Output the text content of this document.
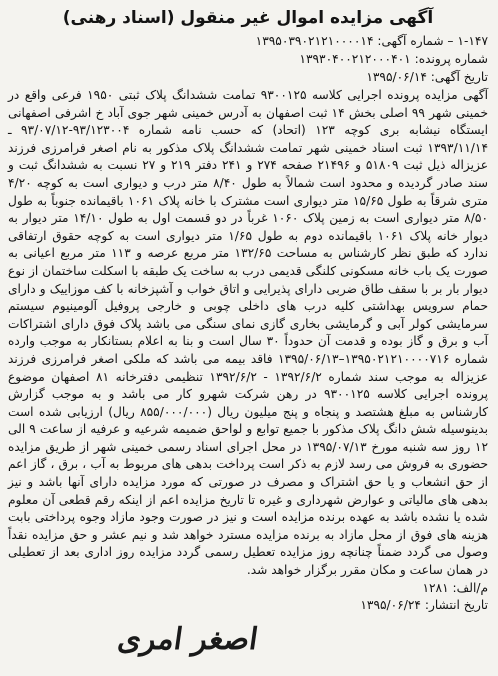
آگهی مزایده اموال غیر منقول (اسناد رهنی)
۱-۱۴۷ – شماره آگهی: ۱۳۹۵۰۳۹۰۲۱۲۱۰۰۰۰۱۴
شماره پرونده: ۱۳۹۳۰۴۰۰۲۱۲۰۰۰۴۰۱
تاریخ آگهی: ۱۳۹۵/۰۶/۱۴
آگهی مزایده پرونده اجرایی کلاسه ۹۳۰۰۱۲۵ تمامت ششدانگ پلاک ثبتی ۱۹۵۰ فرعی واقع در خمینی شهر ۹۹ اصلی بخش ۱۴ ثبت اصفهان به آدرس خمینی شهر جوی آباد خ اشرفی اصفهانی ایستگاه نیشابه بری کوچه ۱۲۳ (اتحاد) که حسب نامه شماره ۹۳/۱۲۳۰۰۴-۹۳/۰۷/۱۲ ـ ۱۳۹۳/۱۱/۱۴ ثبت اسناد خمینی شهر تمامت ششدانگ پلاک مذکور به نام اصغر فرامرزی فرزند عزیزاله ذیل ثبت ۵۱۸۰۹ و ۲۱۴۹۶ صفحه ۲۷۴ و ۲۴۱ دفتر ۲۱۹ و ۲۷ نسبت به ششدانگ ثبت و سند صادر گردیده و محدود است شمالاً به طول ۸/۴۰ متر درب و دیواری است به کوچه ۴/۲۰ متری شرقاً به طول ۱۵/۶۵ متر دیواری است مشترک با خانه پلاک ۱۰۶۱ باقیمانده جنوباً به طول ۸/۵۰ متر دیواری است به زمین پلاک ۱۰۶۰ غرباً در دو قسمت اول به طول ۱۴/۱۰ متر دیوار به دیوار خانه پلاک ۱۰۶۱ باقیمانده دوم به طول ۱/۶۵ متر دیواری است به کوچه حقوق ارتفاقی ندارد که طبق نظر کارشناس به مساحت ۱۳۲/۶۵ متر مربع عرصه و ۱۱۳ متر مربع اعیانی به صورت یک باب خانه مسکونی کلنگی قدیمی درب به ساخت یک طبقه با اسکلت ساختمان از نوع دیوار بار بر با سقف طاق ضربی دارای پذیرایی و اتاق خواب و آشپزخانه با کف موزاییک و دارای حمام سرویس بهداشتی کلیه درب های داخلی چوبی و خارجی پروفیل آلومینیوم سیستم سرمایشی کولر آبی و گرمایشی بخاری گازی نمای سنگی می باشد پلاک فوق دارای اشتراکات آب و برق و گاز بوده و قدمت آن حدوداً ۳۰ سال است و بنا به اعلام بستانکار به موجب وارده شماره ۱۳۹۵۰۲۱۲۱۰۰۰۰۷۱۶–۱۳۹۵/۰۶/۱۳ فاقد بیمه می باشد که ملکی اصغر فرامرزی فرزند عزیزاله به موجب سند شماره ۱۳۹۲/۶/۲ - ۱۳۹۲/۶/۲ تنظیمی دفترخانه ۸۱ اصفهان موضوع پرونده اجرایی کلاسه ۹۳۰۰۱۲۵ در رهن شرکت شهرو کار می باشد و به موجب گزارش کارشناس به مبلغ هشتصد و پنجاه و پنج میلیون ریال (۸۵۵/۰۰۰/۰۰۰ ریال) ارزیابی شده است بدینوسیله شش دانگ پلاک مذکور با جمیع توابع و لواحق ضمیمه شرعیه و عرفیه از ساعت ۹ الی ۱۲ روز سه شنبه مورخ ۱۳۹۵/۰۷/۱۳ در محل اجرای اسناد رسمی خمینی شهر از طریق مزایده حضوری به فروش می رسد لازم به ذکر است پرداخت بدهی های مربوط به آب ، برق ، گاز اعم از حق انشعاب و یا حق اشتراک و مصرف در صورتی که مورد مزایده دارای آنها باشد و نیز بدهی های مالیاتی و عوارض شهرداری و غیره تا تاریخ مزایده اعم از اینکه رقم قطعی آن معلوم شده یا نشده باشد به عهده برنده مزایده است و نیز در صورت وجود مازاد وجوه پرداختی بابت هزینه های فوق از محل مازاد به برنده مزایده مسترد خواهد شد و نیم عشر و حق مزایده نقداً وصول می گردد ضمناً چنانچه روز مزایده تعطیل رسمی گردد مزایده روز اداری بعد از تعطیلی در همان ساعت و مکان مقرر برگزار خواهد شد.
م/الف: ۱۲۸۱
تاریخ انتشار: ۱۳۹۵/۰۶/۲۴
اصغر امری
